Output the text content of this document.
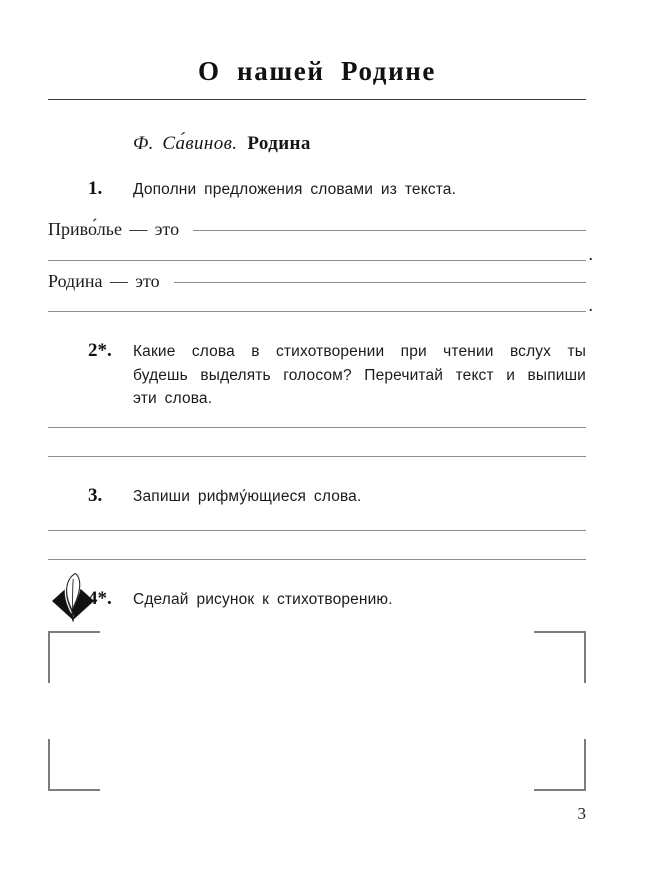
О нашей Родине
Ф. Са́винов. Родина
1.	Дополни предложения словами из текста.
Приво́лье — это
.
Родина — это
.
2*.	Какие слова в стихотворении при чтении вслух ты будешь выделять голосом? Перечитай текст и выпиши эти слова.
3.	Запиши рифму́ющиеся слова.
4*.	Сделай рисунок к стихотворению.
3
